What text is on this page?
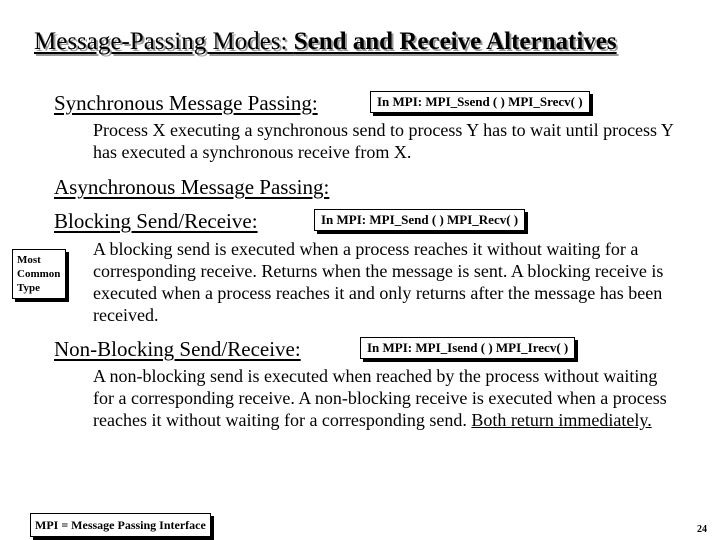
Message-Passing Modes: Send and Receive Alternatives
Synchronous Message Passing:	In MPI: MPI_Ssend ( ) MPI_Srecv( )
Process X executing a synchronous send to process Y has to wait until process Y has executed a synchronous receive from X.
Asynchronous Message Passing:
Blocking Send/Receive:	In MPI: MPI_Send ( ) MPI_Recv( )
Most Common Type
A blocking send is executed when a process reaches it without waiting for a corresponding receive. Returns when the message is sent. A blocking receive is executed when a process reaches it and only returns after the message has been received.
Non-Blocking Send/Receive:	In MPI: MPI_Isend ( ) MPI_Irecv( )
A non-blocking send is executed when reached by the process without waiting for a corresponding receive. A non-blocking receive is executed when a process reaches it without waiting for a corresponding send. Both return immediately.
MPI = Message Passing Interface	24
